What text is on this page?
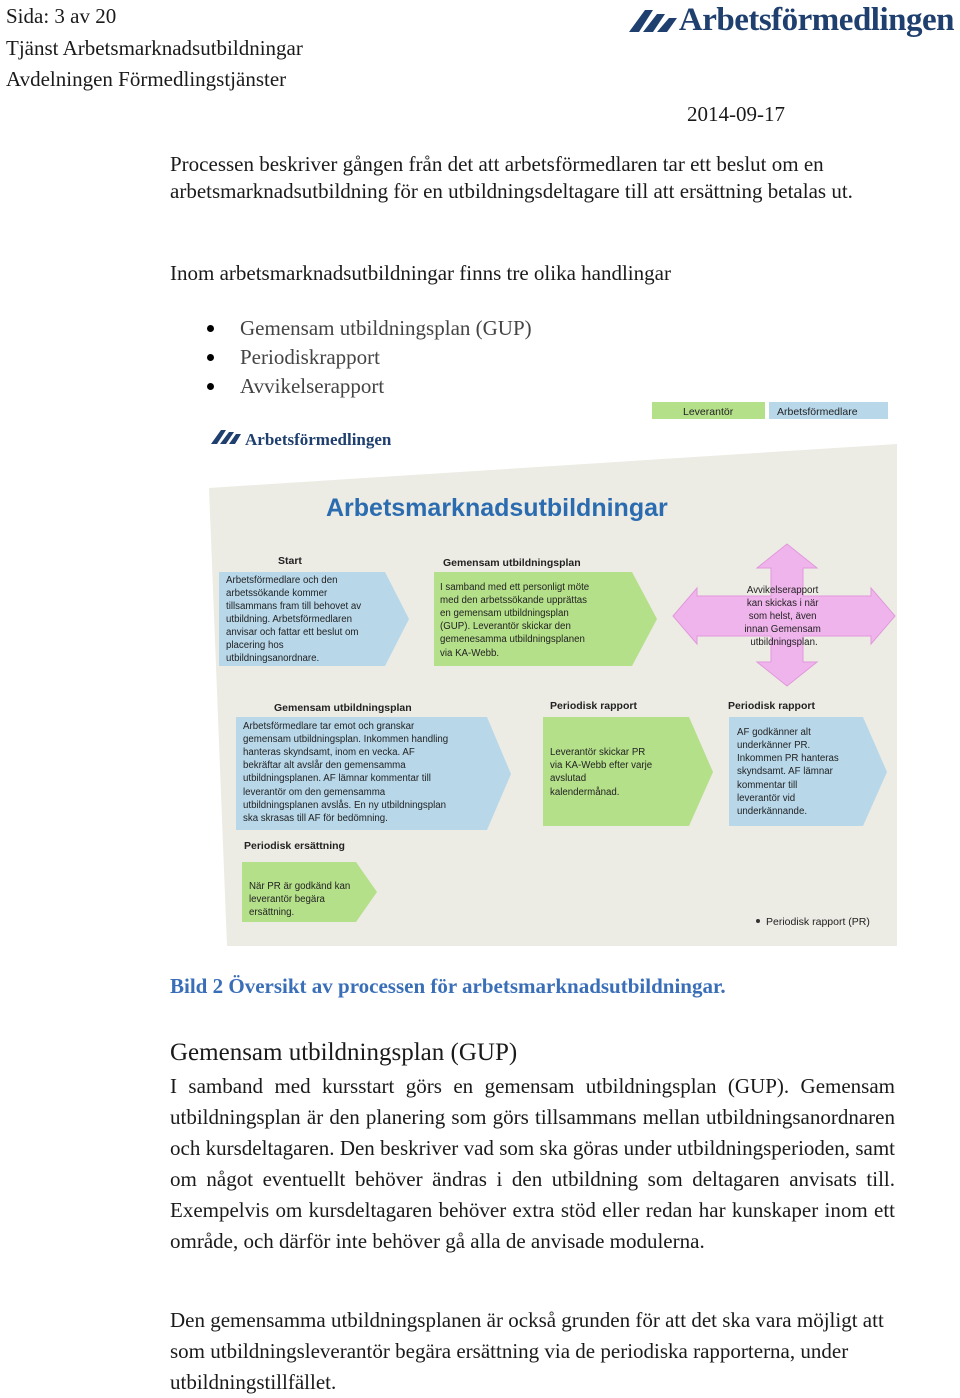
Sida: 3 av 20
Tjänst Arbetsmarknadsutbildningar
Avdelningen Förmedlingstjänster
Arbetsförmedlingen
2014-09-17
Processen beskriver gången från det att arbetsförmedlaren tar ett beslut om en arbetsmarknadsutbildning för en utbildningsdeltagare till att ersättning betalas ut.
Inom arbetsmarknadsutbildningar finns tre olika handlingar
Gemensam utbildningsplan (GUP)
Periodiskrapport
Avvikelserapport
Leverantör	Arbetsförmedlare
Arbetsförmedlingen
Arbetsmarknadsutbildningar
Start
Arbetsförmedlare och den arbetssökande kommer tillsammans fram till behovet av utbildning. Arbetsförmedlaren anvisar och fattar ett beslut om placering hos utbildningsanordnare.
Gemensam utbildningsplan
I samband med ett personligt möte med den arbetssökande upprättas en gemensam utbildningsplan (GUP). Leverantör skickar den gemenesamma utbildningsplanen via KA-Webb.
Avvikelserapport kan skickas i när som helst, även innan Gemensam utbildningsplan.
Gemensam utbildningsplan
Arbetsförmedlare tar emot och granskar gemensam utbildningsplan. Inkommen handling hanteras skyndsamt, inom en vecka. AF bekräftar alt avslår den gemensamma utbildningsplanen. AF lämnar kommentar till leverantör om den gemensamma utbildningsplanen avslås. En ny utbildningsplan ska skrasas till AF för bedömning.
Periodisk rapport
Leverantör skickar PR via KA-Webb efter varje avslutad kalendermånad.
Periodisk rapport
AF godkänner alt underkänner PR. Inkommen PR hanteras skyndsamt. AF lämnar kommentar till leverantör vid underkännande.
Periodisk ersättning
När PR är godkänd kan leverantör begära ersättning.
Periodisk rapport (PR)
Bild 2 Översikt av processen för arbetsmarknadsutbildningar.
Gemensam utbildningsplan (GUP)
I samband med kursstart görs en gemensam utbildningsplan (GUP). Gemensam utbildningsplan är den planering som görs tillsammans mellan utbildningsanordnaren och kursdeltagaren. Den beskriver vad som ska göras under utbildningsperioden, samt om något eventuellt behöver ändras i den utbildning som deltagaren anvisats till. Exempelvis om kursdeltagaren behöver extra stöd eller redan har kunskaper inom ett område, och därför inte behöver gå alla de anvisade modulerna.
Den gemensamma utbildningsplanen är också grunden för att det ska vara möjligt att som utbildningsleverantör begära ersättning via de periodiska rapporterna, under utbildningstillfället.
